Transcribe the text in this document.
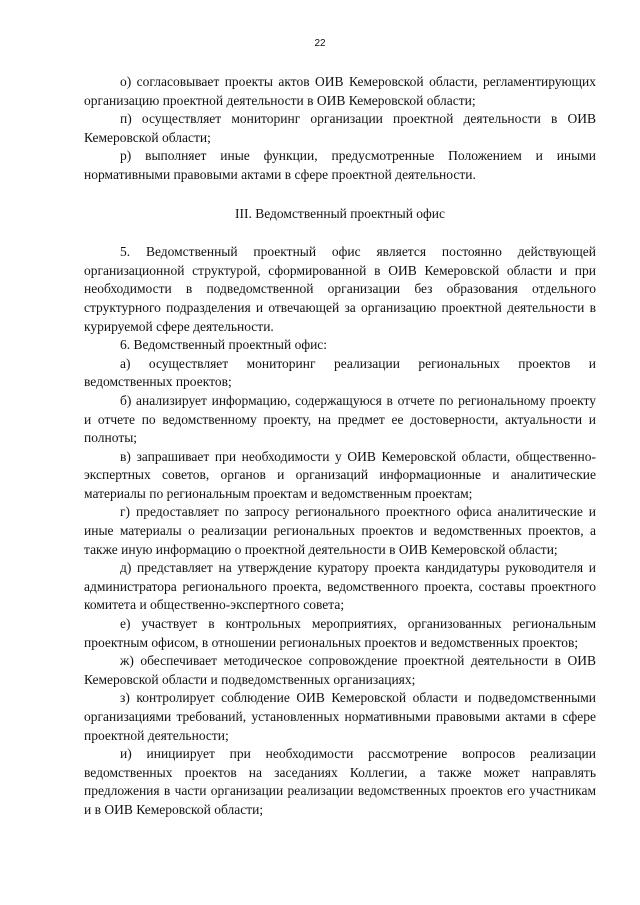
22

о) согласовывает проекты актов ОИВ Кемеровской области, регламентирующих организацию проектной деятельности в ОИВ Кемеровской области;

п) осуществляет мониторинг организации проектной деятельности в ОИВ Кемеровской области;

р) выполняет иные функции, предусмотренные Положением и иными нормативными правовыми актами в сфере проектной деятельности.

III. Ведомственный проектный офис

5. Ведомственный проектный офис является постоянно действующей организационной структурой, сформированной в ОИВ Кемеровской области и при необходимости в подведомственной организации без образования отдельного структурного подразделения и отвечающей за организацию проектной деятельности в курируемой сфере деятельности.

6. Ведомственный проектный офис:

а) осуществляет мониторинг реализации региональных проектов и ведомственных проектов;

б) анализирует информацию, содержащуюся в отчете по региональному проекту и отчете по ведомственному проекту, на предмет ее достоверности, актуальности и полноты;

в) запрашивает при необходимости у ОИВ Кемеровской области, общественно-экспертных советов, органов и организаций информационные и аналитические материалы по региональным проектам и ведомственным проектам;

г) предоставляет по запросу регионального проектного офиса аналитические и иные материалы о реализации региональных проектов и ведомственных проектов, а также иную информацию о проектной деятельности в ОИВ Кемеровской области;

д) представляет на утверждение куратору проекта кандидатуры руководителя и администратора регионального проекта, ведомственного проекта, составы проектного комитета и общественно-экспертного совета;

е) участвует в контрольных мероприятиях, организованных региональным проектным офисом, в отношении региональных проектов и ведомственных проектов;

ж) обеспечивает методическое сопровождение проектной деятельности в ОИВ Кемеровской области и подведомственных организациях;

з) контролирует соблюдение ОИВ Кемеровской области и подведомственными организациями требований, установленных нормативными правовыми актами в сфере проектной деятельности;

и) инициирует при необходимости рассмотрение вопросов реализации ведомственных проектов на заседаниях Коллегии, а также может направлять предложения в части организации реализации ведомственных проектов его участникам и в ОИВ Кемеровской области;
